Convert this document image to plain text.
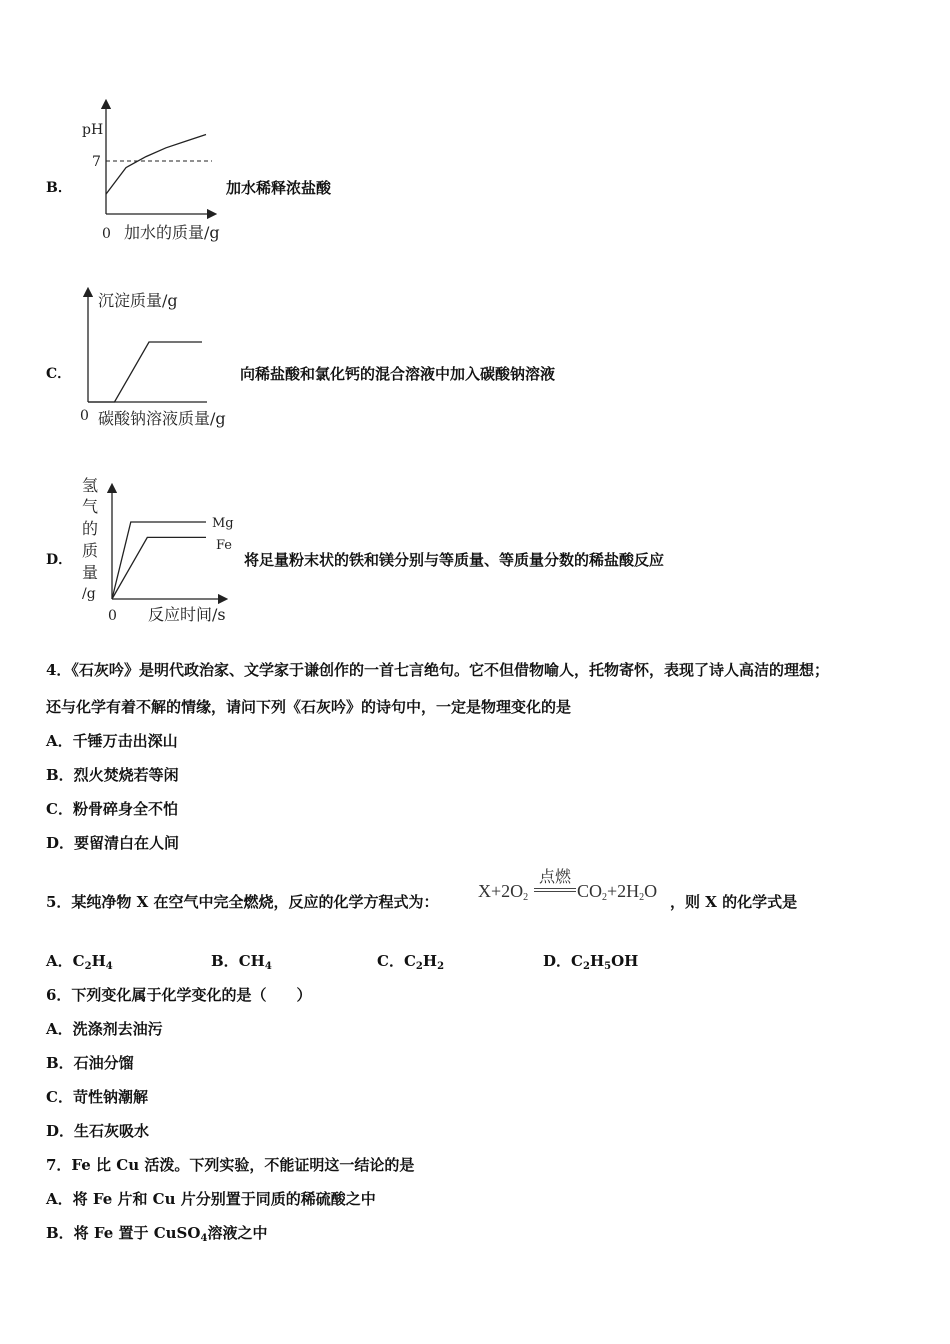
B．
pH
7
0 加水的质量/g
加水稀释浓盐酸
C．
沉淀质量/g
0 碳酸钠溶液质量/g
向稀盐酸和氯化钙的混合溶液中加入碳酸钠溶液
D．
氢
气
的
质
量
/g
Mg
Fe
0 反应时间/s
将足量粉末状的铁和镁分别与等质量、等质量分数的稀盐酸反应
4．《石灰吟》是明代政治家、文学家于谦创作的一首七言绝句。它不但借物喻人，托物寄怀，表现了诗人高洁的理想；
还与化学有着不解的情缘，请问下列《石灰吟》的诗句中，一定是物理变化的是
A．千锤万击出深山
B．烈火焚烧若等闲
C．粉骨碎身全不怕
D．要留清白在人间
5．某纯净物 X 在空气中完全燃烧，反应的化学方程式为：
$X+2O_2$
点燃
$CO_2+2H_2O$
，则 X 的化学式是
A．$C_2H_4$	B．$CH_4$	C．$C_2H_2$	D．$C_2H_5OH$
6．下列变化属于化学变化的是（　　）
A．洗涤剂去油污
B．石油分馏
C．苛性钠潮解
D．生石灰吸水
7．Fe 比 Cu 活泼。下列实验，不能证明这一结论的是
A．将 Fe 片和 Cu 片分别置于同质的稀硫酸之中
B．将 Fe 置于 CuSO$_4$溶液之中
